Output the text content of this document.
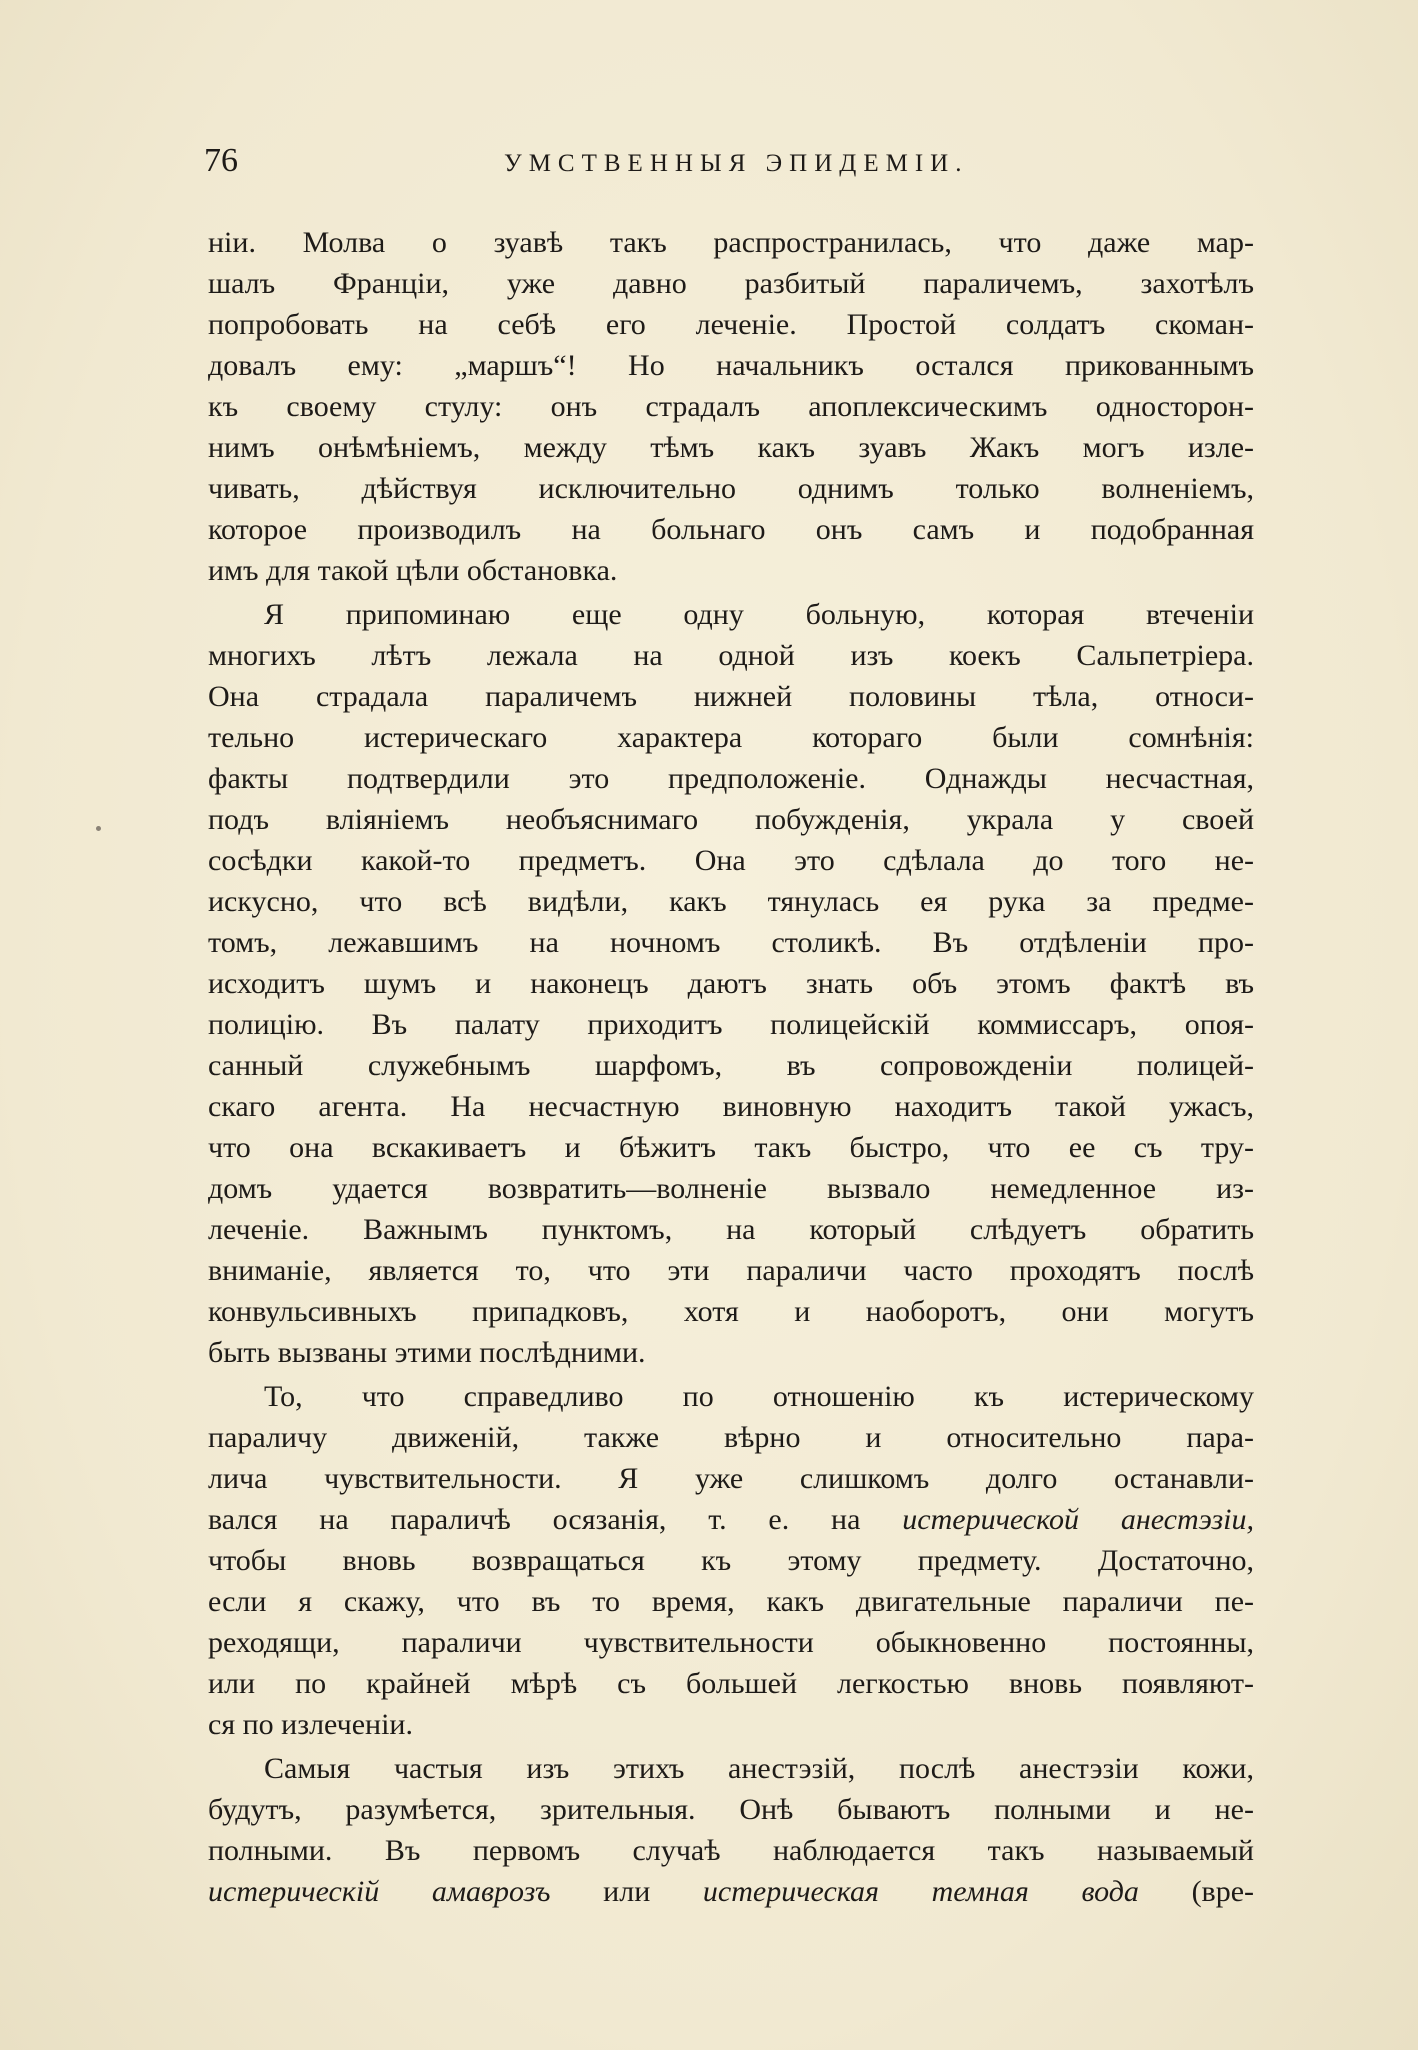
76	УМСТВЕННЫЯ ЭПИДЕМІИ.
ніи. Молва о зуавѣ такъ распространилась, что даже мар-
шалъ Франціи, уже давно разбитый параличемъ, захотѣлъ
попробовать на себѣ его леченіе. Простой солдатъ скоман-
довалъ ему: „маршъ“! Но начальникъ остался прикованнымъ
къ своему стулу: онъ страдалъ апоплексическимъ односторон-
нимъ онѣмѣніемъ, между тѣмъ какъ зуавъ Жакъ могъ изле-
чивать, дѣйствуя исключительно однимъ только волненіемъ,
которое производилъ на больнаго онъ самъ и подобранная
имъ для такой цѣли обстановка.
Я припоминаю еще одну больную, которая втеченіи
многихъ лѣтъ лежала на одной изъ коекъ Сальпетріера.
Она страдала параличемъ нижней половины тѣла, относи-
тельно истерическаго характера котораго были сомнѣнія:
факты подтвердили это предположеніе. Однажды несчастная,
подъ вліяніемъ необъяснимаго побужденія, украла у своей
сосѣдки какой-то предметъ. Она это сдѣлала до того не-
искусно, что всѣ видѣли, какъ тянулась ея рука за предме-
томъ, лежавшимъ на ночномъ столикѣ. Въ отдѣленіи про-
исходитъ шумъ и наконецъ даютъ знать объ этомъ фактѣ въ
полицію. Въ палату приходитъ полицейскій коммиссаръ, опоя-
санный служебнымъ шарфомъ, въ сопровожденіи полицей-
скаго агента. На несчастную виновную находитъ такой ужасъ,
что она вскакиваетъ и бѣжитъ такъ быстро, что ее съ тру-
домъ удается возвратить—волненіе вызвало немедленное из-
леченіе. Важнымъ пунктомъ, на который слѣдуетъ обратить
вниманіе, является то, что эти параличи часто проходятъ послѣ
конвульсивныхъ припадковъ, хотя и наоборотъ, они могутъ
быть вызваны этими послѣдними.
То, что справедливо по отношенію къ истерическому
параличу движеній, также вѣрно и относительно пара-
лича чувствительности. Я уже слишкомъ долго останавли-
вался на параличѣ осязанія, т. е. на истерической анестэзіи,
чтобы вновь возвращаться къ этому предмету. Достаточно,
если я скажу, что въ то время, какъ двигательные параличи пе-
реходящи, параличи чувствительности обыкновенно постоянны,
или по крайней мѣрѣ съ большей легкостью вновь появляют-
ся по излеченіи.
Самыя частыя изъ этихъ анестэзій, послѣ анестэзіи кожи,
будутъ, разумѣется, зрительныя. Онѣ бываютъ полными и не-
полными. Въ первомъ случаѣ наблюдается такъ называемый
истерическій амаврозъ или истерическая темная вода (вре-
